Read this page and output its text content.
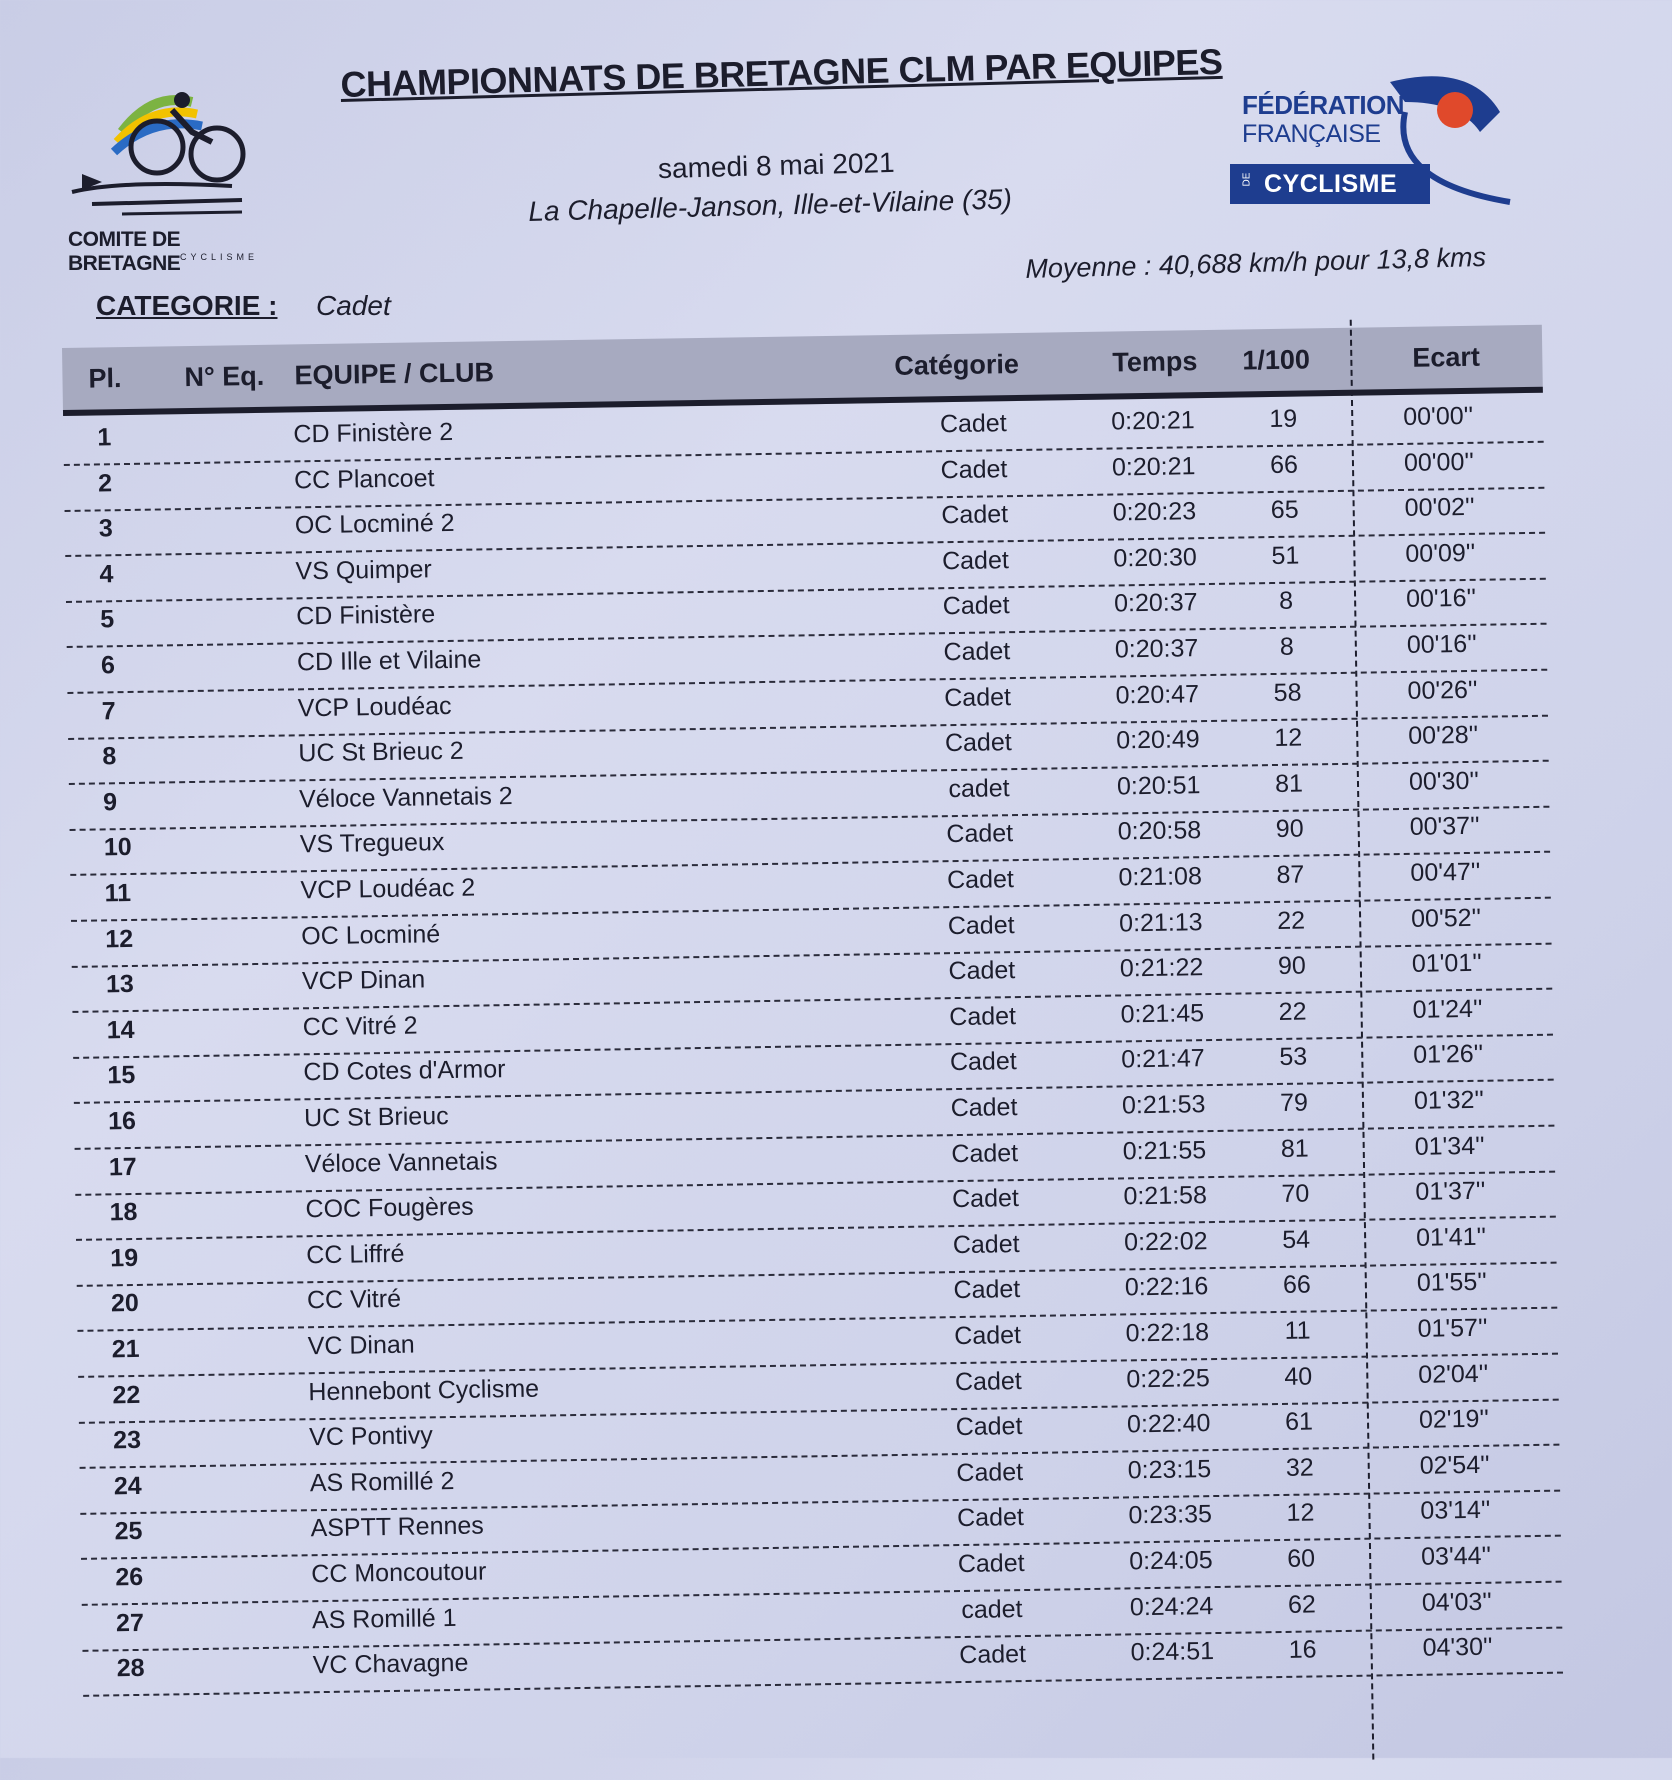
COMITE DE BRETAGNE CYCLISME
CHAMPIONNATS DE BRETAGNE CLM PAR EQUIPES
samedi 8 mai 2021
La Chapelle-Janson, Ille-et-Vilaine (35)
FÉDÉRATION
FRANÇAISE
DE CYCLISME
Moyenne : 40,688 km/h pour 13,8 kms
CATEGORIE : Cadet
Pl. N° Eq. EQUIPE / CLUB	Catégorie	Temps 1/100	Ecart
1	CD Finistère 2	Cadet	0:20:21	19	00'00''
2	CC Plancoet	Cadet	0:20:21	66	00'00''
3	OC Locminé 2	Cadet	0:20:23	65	00'02''
4	VS Quimper	Cadet	0:20:30	51	00'09''
5	CD Finistère	Cadet	0:20:37	8	00'16''
6	CD Ille et Vilaine	Cadet	0:20:37	8	00'16''
7	VCP Loudéac	Cadet	0:20:47	58	00'26''
8	UC St Brieuc 2	Cadet	0:20:49	12	00'28''
9	Véloce Vannetais 2	cadet	0:20:51	81	00'30''
10	VS Tregueux	Cadet	0:20:58	90	00'37''
11	VCP Loudéac 2	Cadet	0:21:08	87	00'47''
12	OC Locminé	Cadet	0:21:13	22	00'52''
13	VCP Dinan	Cadet	0:21:22	90	01'01''
14	CC Vitré 2	Cadet	0:21:45	22	01'24''
15	CD Cotes d'Armor	Cadet	0:21:47	53	01'26''
16	UC St Brieuc	Cadet	0:21:53	79	01'32''
17	Véloce Vannetais	Cadet	0:21:55	81	01'34''
18	COC Fougères	Cadet	0:21:58	70	01'37''
19	CC Liffré	Cadet	0:22:02	54	01'41''
20	CC Vitré	Cadet	0:22:16	66	01'55''
21	VC Dinan	Cadet	0:22:18	11	01'57''
22	Hennebont Cyclisme	Cadet	0:22:25	40	02'04''
23	VC Pontivy	Cadet	0:22:40	61	02'19''
24	AS Romillé 2	Cadet	0:23:15	32	02'54''
25	ASPTT Rennes	Cadet	0:23:35	12	03'14''
26	CC Moncoutour	Cadet	0:24:05	60	03'44''
27	AS Romillé 1	cadet	0:24:24	62	04'03''
28	VC Chavagne	Cadet	0:24:51	16	04'30''
